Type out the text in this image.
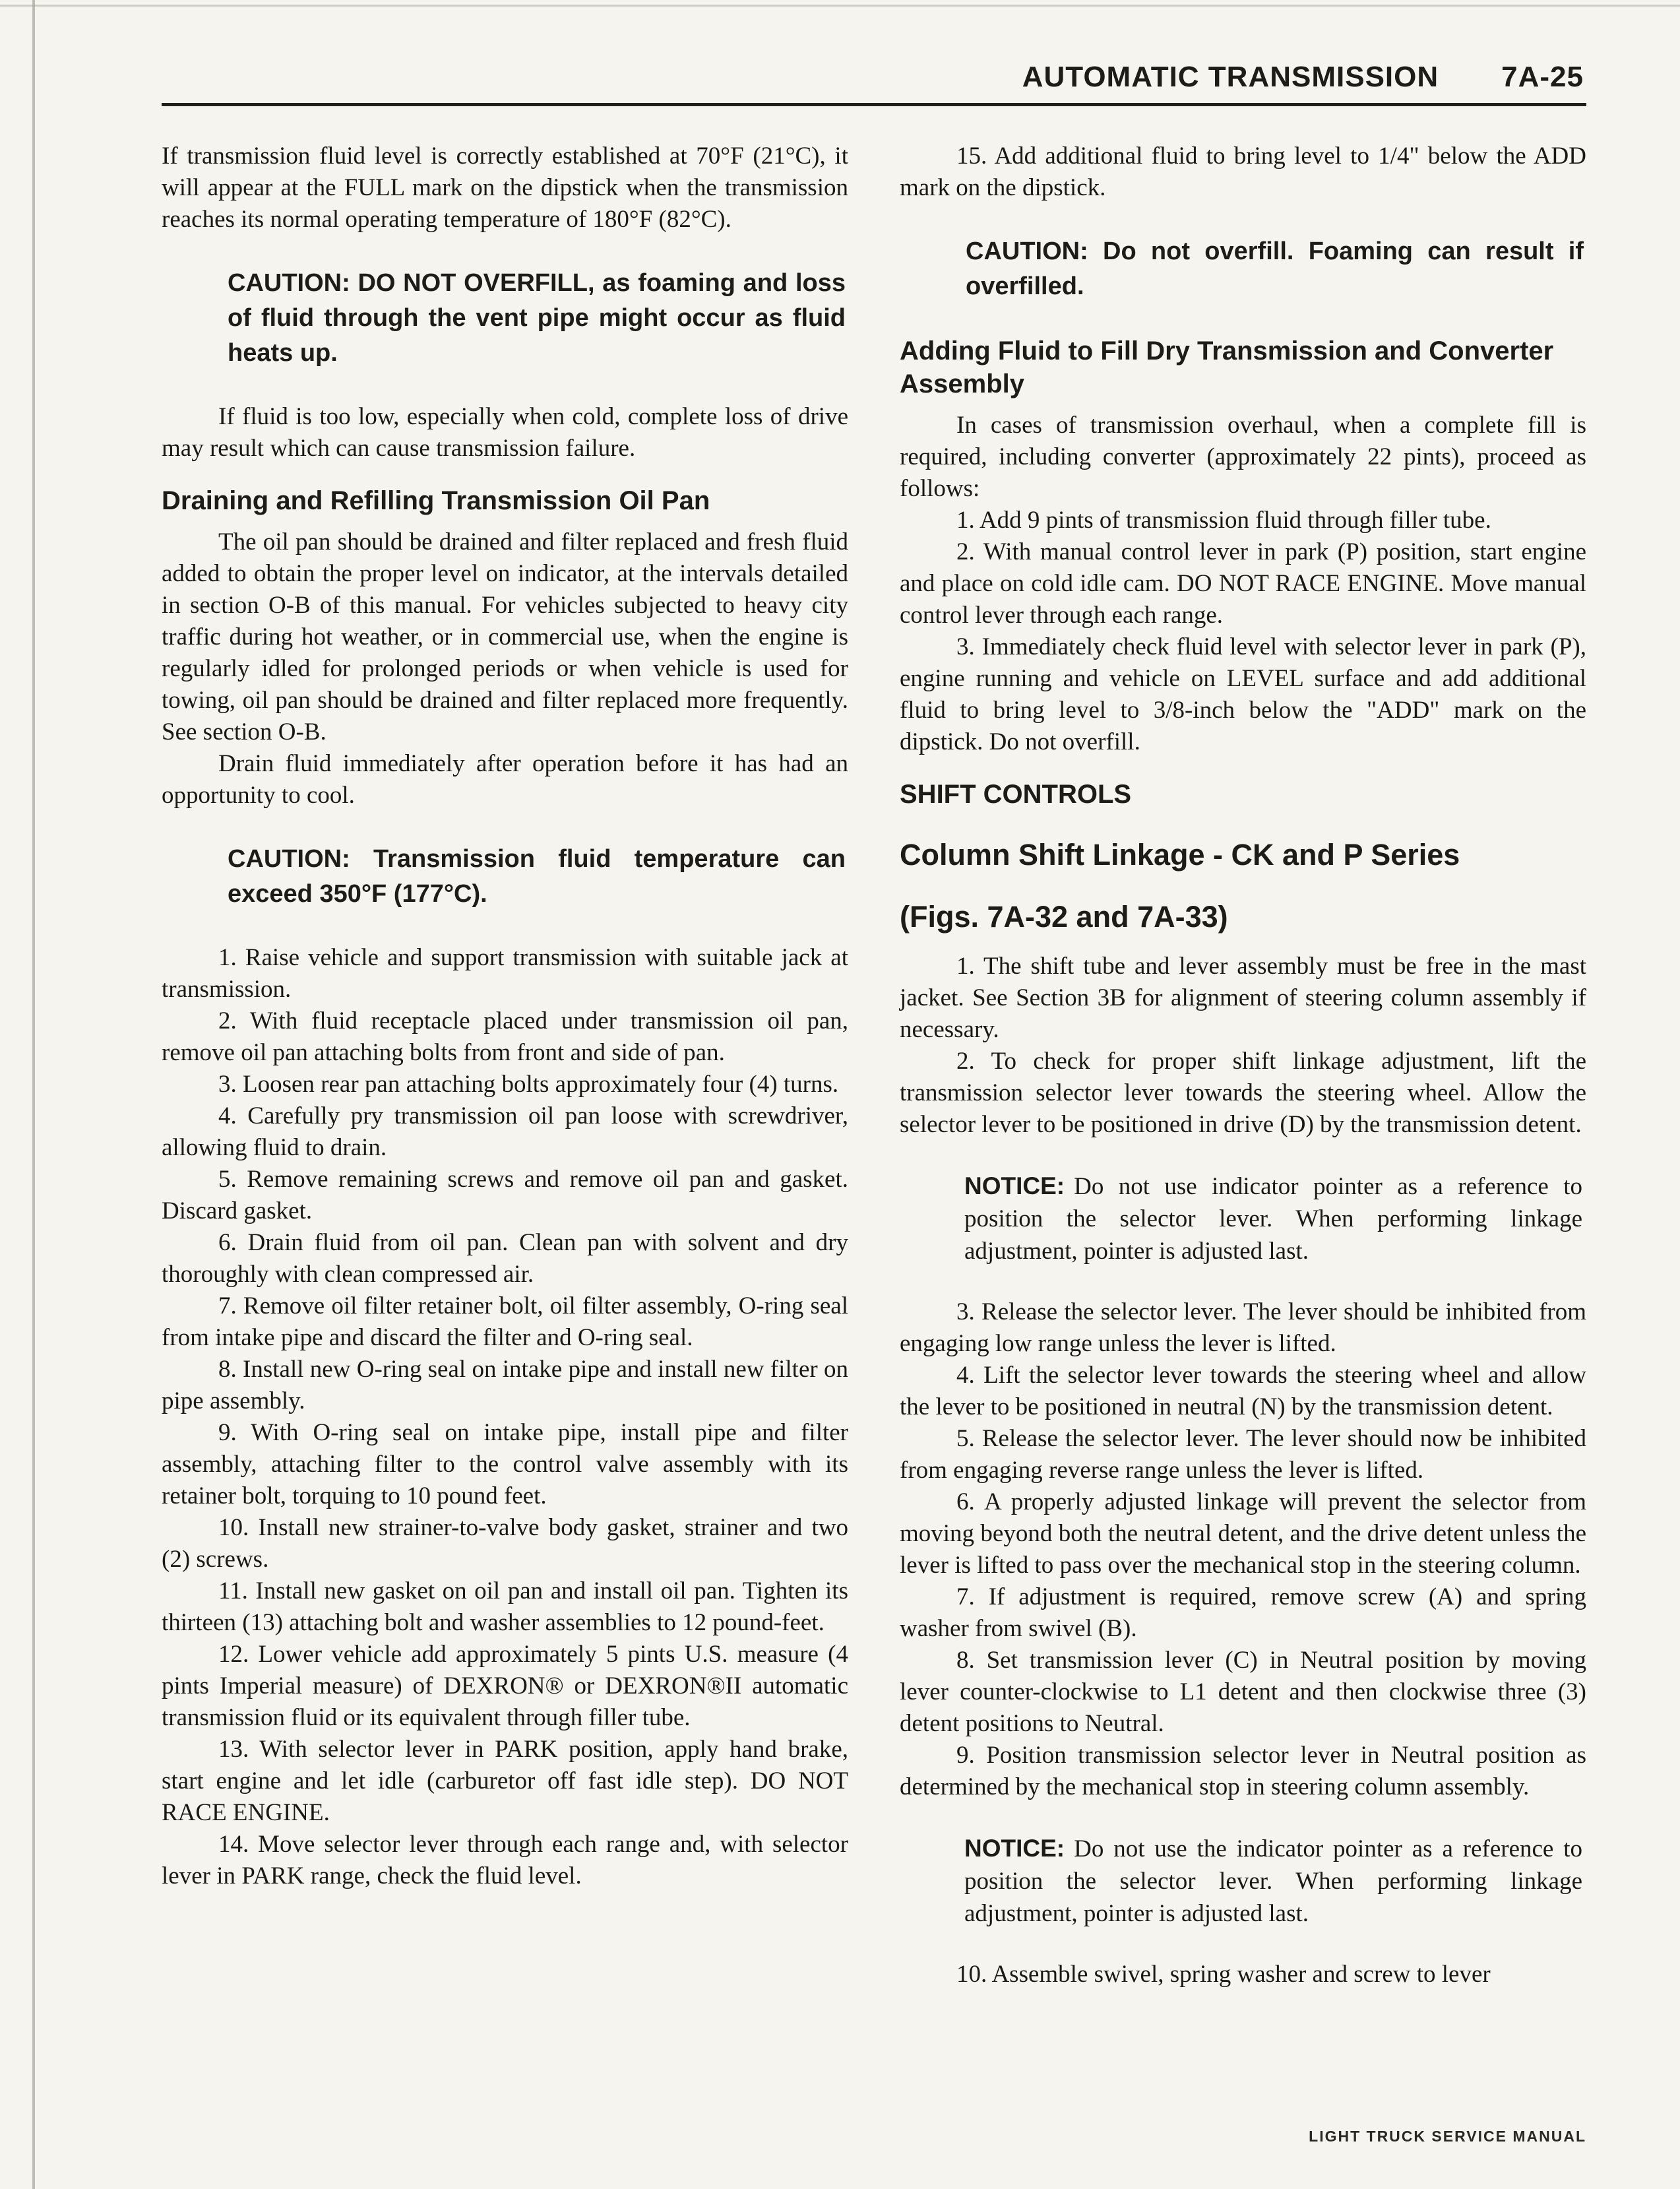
AUTOMATIC TRANSMISSION 7A-25

If transmission fluid level is correctly established at 70°F (21°C), it will appear at the FULL mark on the dipstick when the transmission reaches its normal operating temperature of 180°F (82°C).

CAUTION: DO NOT OVERFILL, as foaming and loss of fluid through the vent pipe might occur as fluid heats up.

If fluid is too low, especially when cold, complete loss of drive may result which can cause transmission failure.

Draining and Refilling Transmission Oil Pan

The oil pan should be drained and filter replaced and fresh fluid added to obtain the proper level on indicator, at the intervals detailed in section O-B of this manual. For vehicles subjected to heavy city traffic during hot weather, or in commercial use, when the engine is regularly idled for prolonged periods or when vehicle is used for towing, oil pan should be drained and filter replaced more frequently. See section O-B.

Drain fluid immediately after operation before it has had an opportunity to cool.

CAUTION: Transmission fluid temperature can exceed 350°F (177°C).

1. Raise vehicle and support transmission with suitable jack at transmission.

2. With fluid receptacle placed under transmission oil pan, remove oil pan attaching bolts from front and side of pan.

3. Loosen rear pan attaching bolts approximately four (4) turns.

4. Carefully pry transmission oil pan loose with screwdriver, allowing fluid to drain.

5. Remove remaining screws and remove oil pan and gasket. Discard gasket.

6. Drain fluid from oil pan. Clean pan with solvent and dry thoroughly with clean compressed air.

7. Remove oil filter retainer bolt, oil filter assembly, O-ring seal from intake pipe and discard the filter and O-ring seal.

8. Install new O-ring seal on intake pipe and install new filter on pipe assembly.

9. With O-ring seal on intake pipe, install pipe and filter assembly, attaching filter to the control valve assembly with its retainer bolt, torquing to 10 pound feet.

10. Install new strainer-to-valve body gasket, strainer and two (2) screws.

11. Install new gasket on oil pan and install oil pan. Tighten its thirteen (13) attaching bolt and washer assemblies to 12 pound-feet.

12. Lower vehicle add approximately 5 pints U.S. measure (4 pints Imperial measure) of DEXRON® or DEXRON®II automatic transmission fluid or its equivalent through filler tube.

13. With selector lever in PARK position, apply hand brake, start engine and let idle (carburetor off fast idle step). DO NOT RACE ENGINE.

14. Move selector lever through each range and, with selector lever in PARK range, check the fluid level.

15. Add additional fluid to bring level to 1/4" below the ADD mark on the dipstick.

CAUTION: Do not overfill. Foaming can result if overfilled.

Adding Fluid to Fill Dry Transmission and Converter Assembly

In cases of transmission overhaul, when a complete fill is required, including converter (approximately 22 pints), proceed as follows:

1. Add 9 pints of transmission fluid through filler tube.

2. With manual control lever in park (P) position, start engine and place on cold idle cam. DO NOT RACE ENGINE. Move manual control lever through each range.

3. Immediately check fluid level with selector lever in park (P), engine running and vehicle on LEVEL surface and add additional fluid to bring level to 3/8-inch below the "ADD" mark on the dipstick. Do not overfill.

SHIFT CONTROLS
Column Shift Linkage - CK and P Series
(Figs. 7A-32 and 7A-33)

1. The shift tube and lever assembly must be free in the mast jacket. See Section 3B for alignment of steering column assembly if necessary.

2. To check for proper shift linkage adjustment, lift the transmission selector lever towards the steering wheel. Allow the selector lever to be positioned in drive (D) by the transmission detent.

NOTICE: Do not use indicator pointer as a reference to position the selector lever. When performing linkage adjustment, pointer is adjusted last.

3. Release the selector lever. The lever should be inhibited from engaging low range unless the lever is lifted.

4. Lift the selector lever towards the steering wheel and allow the lever to be positioned in neutral (N) by the transmission detent.

5. Release the selector lever. The lever should now be inhibited from engaging reverse range unless the lever is lifted.

6. A properly adjusted linkage will prevent the selector from moving beyond both the neutral detent, and the drive detent unless the lever is lifted to pass over the mechanical stop in the steering column.

7. If adjustment is required, remove screw (A) and spring washer from swivel (B).

8. Set transmission lever (C) in Neutral position by moving lever counter-clockwise to L1 detent and then clockwise three (3) detent positions to Neutral.

9. Position transmission selector lever in Neutral position as determined by the mechanical stop in steering column assembly.

NOTICE: Do not use the indicator pointer as a reference to position the selector lever. When performing linkage adjustment, pointer is adjusted last.

10. Assemble swivel, spring washer and screw to lever

LIGHT TRUCK SERVICE MANUAL
